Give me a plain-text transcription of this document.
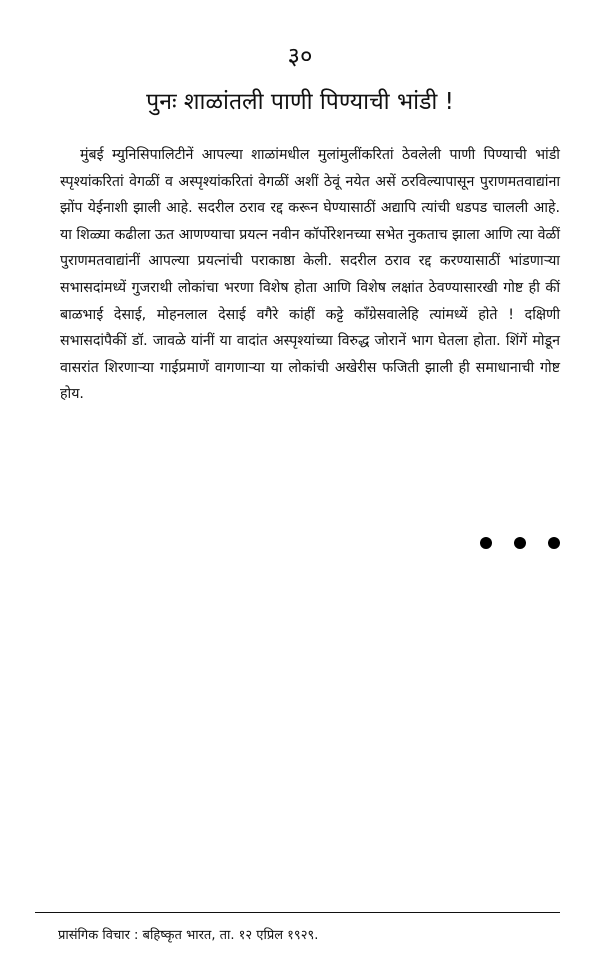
३०
पुनः शाळांतली पाणी पिण्याची भांडी !

मुंबई म्युनिसिपालिटीनें आपल्या शाळांमधील मुलांमुलींकरितां ठेवलेली पाणी पिण्याची भांडी स्पृश्यांकरितां वेगळीं व अस्पृश्यांकरितां वेगळीं अशीं ठेवूं नयेत असें ठरविल्यापासून पुराणमतवाद्यांना झोंप येईनाशी झाली आहे. सदरील ठराव रद्द करून घेण्यासाठीं अद्यापि त्यांची धडपड चालली आहे. या शिळ्या कढीला ऊत आणण्याचा प्रयत्न नवीन कॉर्पोरेशनच्या सभेत नुकताच झाला आणि त्या वेळीं पुराणमतवाद्यांनीं आपल्या प्रयत्नांची पराकाष्ठा केली. सदरील ठराव रद्द करण्यासाठीं भांडणाऱ्या सभासदांमध्यें गुजराथी लोकांचा भरणा विशेष होता आणि विशेष लक्षांत ठेवण्यासारखी गोष्ट ही कीं बाळभाई देसाई, मोहनलाल देसाई वगैरे कांहीं कट्टे कॉंग्रेसवालेहि त्यांमध्यें होते ! दक्षिणी सभासदांपैकीं डॉ. जावळे यांनीं या वादांत अस्पृश्यांच्या विरुद्ध जोरानें भाग घेतला होता. शिंगें मोडून वासरांत शिरणाऱ्या गाईप्रमाणें वागणाऱ्या या लोकांची अखेरीस फजिती झाली ही समाधानाची गोष्ट होय.

प्रासंगिक विचार : बहिष्कृत भारत, ता. १२ एप्रिल १९२९.
